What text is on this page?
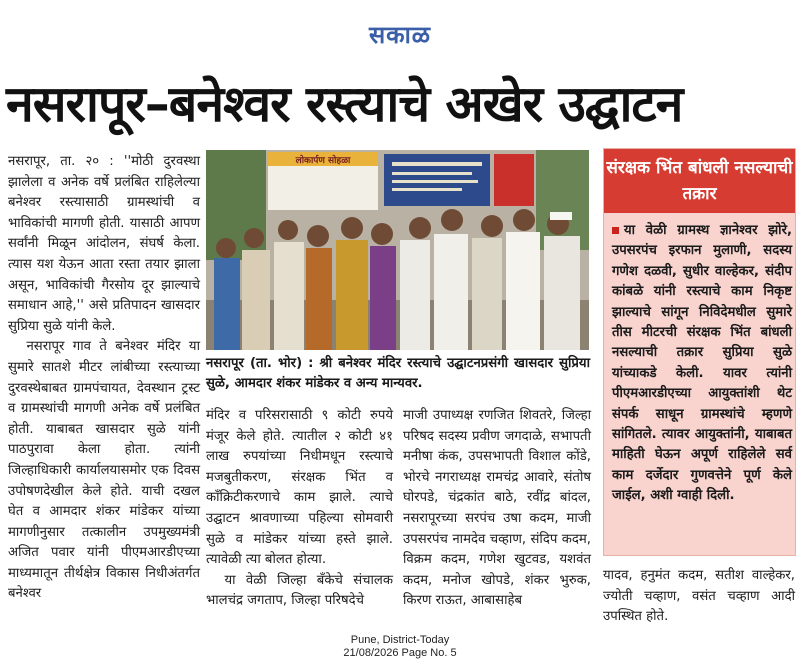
सकाळ
नसरापूर–बनेश्वर रस्त्याचे अखेर उद्घाटन

नसरापूर, ता. २० : ''मोठी दुरवस्था झालेला व अनेक वर्षे प्रलंबित राहिलेल्या बनेश्वर रस्त्यासाठी ग्रामस्थांची व भाविकांची मागणी होती. यासाठी आपण सर्वांनी मिळून आंदोलन, संघर्ष केला. त्यास यश येऊन आता रस्ता तयार झाला असून, भाविकांची गैरसोय दूर झाल्याचे समाधान आहे,'' असे प्रतिपादन खासदार सुप्रिया सुळे यांनी केले.

नसरापूर गाव ते बनेश्वर मंदिर या सुमारे सातशे मीटर लांबीच्या रस्त्याच्या दुरवस्थेबाबत ग्रामपंचायत, देवस्थान ट्रस्ट व ग्रामस्थांची मागणी अनेक वर्षे प्रलंबित होती. याबाबत खासदार सुळे यांनी पाठपुरावा केला होता. त्यांनी जिल्हाधिकारी कार्यालयासमोर एक दिवस उपोषणदेखील केले होते. याची दखल घेत व आमदार शंकर मांडेकर यांच्या मागणीनुसार तत्कालीन उपमुख्यमंत्री अजित पवार यांनी पीएमआरडीएच्या माध्यमातून तीर्थक्षेत्र विकास निधीअंतर्गत बनेश्वर

लोकार्पण सोहळा
नसरापूर (ता. भोर) : श्री बनेश्वर मंदिर रस्त्याचे उद्घाटनप्रसंगी खासदार सुप्रिया सुळे, आमदार शंकर मांडेकर व अन्य मान्यवर.

मंदिर व परिसरासाठी ९ कोटी रुपये मंजूर केले होते. त्यातील २ कोटी ४१ लाख रुपयांच्या निधीमधून रस्त्याचे मजबुतीकरण, संरक्षक भिंत व काँक्रिटीकरणाचे काम झाले. त्याचे उद्घाटन श्रावणाच्या पहिल्या सोमवारी सुळे व मांडेकर यांच्या हस्ते झाले. त्यावेळी त्या बोलत होत्या.

या वेळी जिल्हा बँकेचे संचालक भालचंद्र जगताप, जिल्हा परिषदेचे

माजी उपाध्यक्ष रणजित शिवतरे, जिल्हा परिषद सदस्य प्रवीण जगदाळे, सभापती मनीषा कंक, उपसभापती विशाल कोंडे, भोरचे नगराध्यक्ष रामचंद्र आवारे, संतोष घोरपडे, चंद्रकांत बाठे, रवींद्र बांदल, नसरापूरच्या सरपंच उषा कदम, माजी उपसरपंच नामदेव चव्हाण, संदिप कदम, विक्रम कदम, गणेश खुटवड, यशवंत कदम, मनोज खोपडे, शंकर भुरुक, किरण राऊत, आबासाहेब

संरक्षक भिंत बांधली नसल्याची तक्रार
या वेळी ग्रामस्थ ज्ञानेश्वर झोरे, उपसरपंच इरफान मुलाणी, सदस्य गणेश दळवी, सुधीर वाल्हेकर, संदीप कांबळे यांनी रस्त्याचे काम निकृष्ट झाल्याचे सांगून निविदेमधील सुमारे तीस मीटरची संरक्षक भिंत बांधली नसल्याची तक्रार सुप्रिया सुळे यांच्याकडे केली. यावर त्यांनी पीएमआरडीएच्या आयुक्तांशी थेट संपर्क साधून ग्रामस्थांचे म्हणणे सांगितले. त्यावर आयुक्तांनी, याबाबत माहिती घेऊन अपूर्ण राहिलेले सर्व काम दर्जेदार गुणवत्तेने पूर्ण केले जाईल, अशी ग्वाही दिली.

यादव, हनुमंत कदम, सतीश वाल्हेकर, ज्योती चव्हाण, वसंत चव्हाण आदी उपस्थित होते.

Pune, District-Today
21/08/2026 Page No. 5
